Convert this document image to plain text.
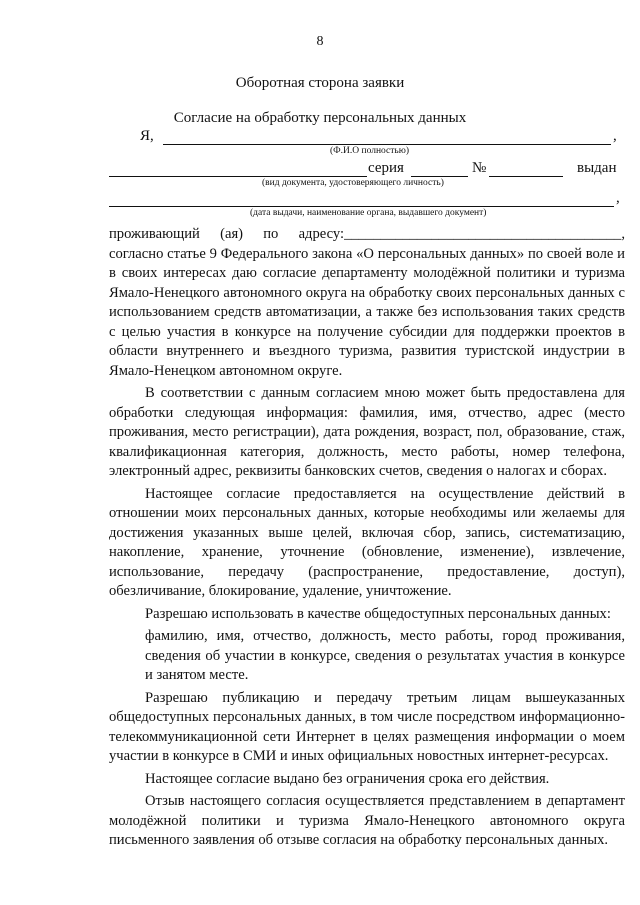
8
Оборотная сторона заявки
Согласие на обработку персональных данных
Я,	,
(Ф.И.О полностью)
серия	№	выдан
(вид документа, удостоверяющего личность)
,
(дата выдачи, наименование органа, выдавшего документ)

проживающий (ая) по адресу:______________________________________, согласно статье 9 Федерального закона «О персональных данных» по своей воле и в своих интересах даю согласие департаменту молодёжной политики и туризма Ямало-Ненецкого автономного округа на обработку своих персональных данных с использованием средств автоматизации, а также без использования таких средств с целью участия в конкурсе на получение субсидии для поддержки проектов в области внутреннего и въездного туризма, развития туристской индустрии в Ямало-Ненецком автономном округе.

В соответствии с данным согласием мною может быть предоставлена для обработки следующая информация: фамилия, имя, отчество, адрес (место проживания, место регистрации), дата рождения, возраст, пол, образование, стаж, квалификационная категория, должность, место работы, номер телефона, электронный адрес, реквизиты банковских счетов, сведения о налогах и сборах.

Настоящее согласие предоставляется на осуществление действий в отношении моих персональных данных, которые необходимы или желаемы для достижения указанных выше целей, включая сбор, запись, систематизацию, накопление, хранение, уточнение (обновление, изменение), извлечение, использование, передачу (распространение, предоставление, доступ), обезличивание, блокирование, удаление, уничтожение.

Разрешаю использовать в качестве общедоступных персональных данных:

фамилию, имя, отчество, должность, место работы, город проживания, сведения об участии в конкурсе, сведения о результатах участия в конкурсе и занятом месте.

Разрешаю публикацию и передачу третьим лицам вышеуказанных общедоступных персональных данных, в том числе посредством информационно-телекоммуникационной сети Интернет в целях размещения информации о моем участии в конкурсе в СМИ и иных официальных новостных интернет-ресурсах.

Настоящее согласие выдано без ограничения срока его действия.

Отзыв настоящего согласия осуществляется представлением в департамент молодёжной политики и туризма Ямало-Ненецкого автономного округа письменного заявления об отзыве согласия на обработку персональных данных.
